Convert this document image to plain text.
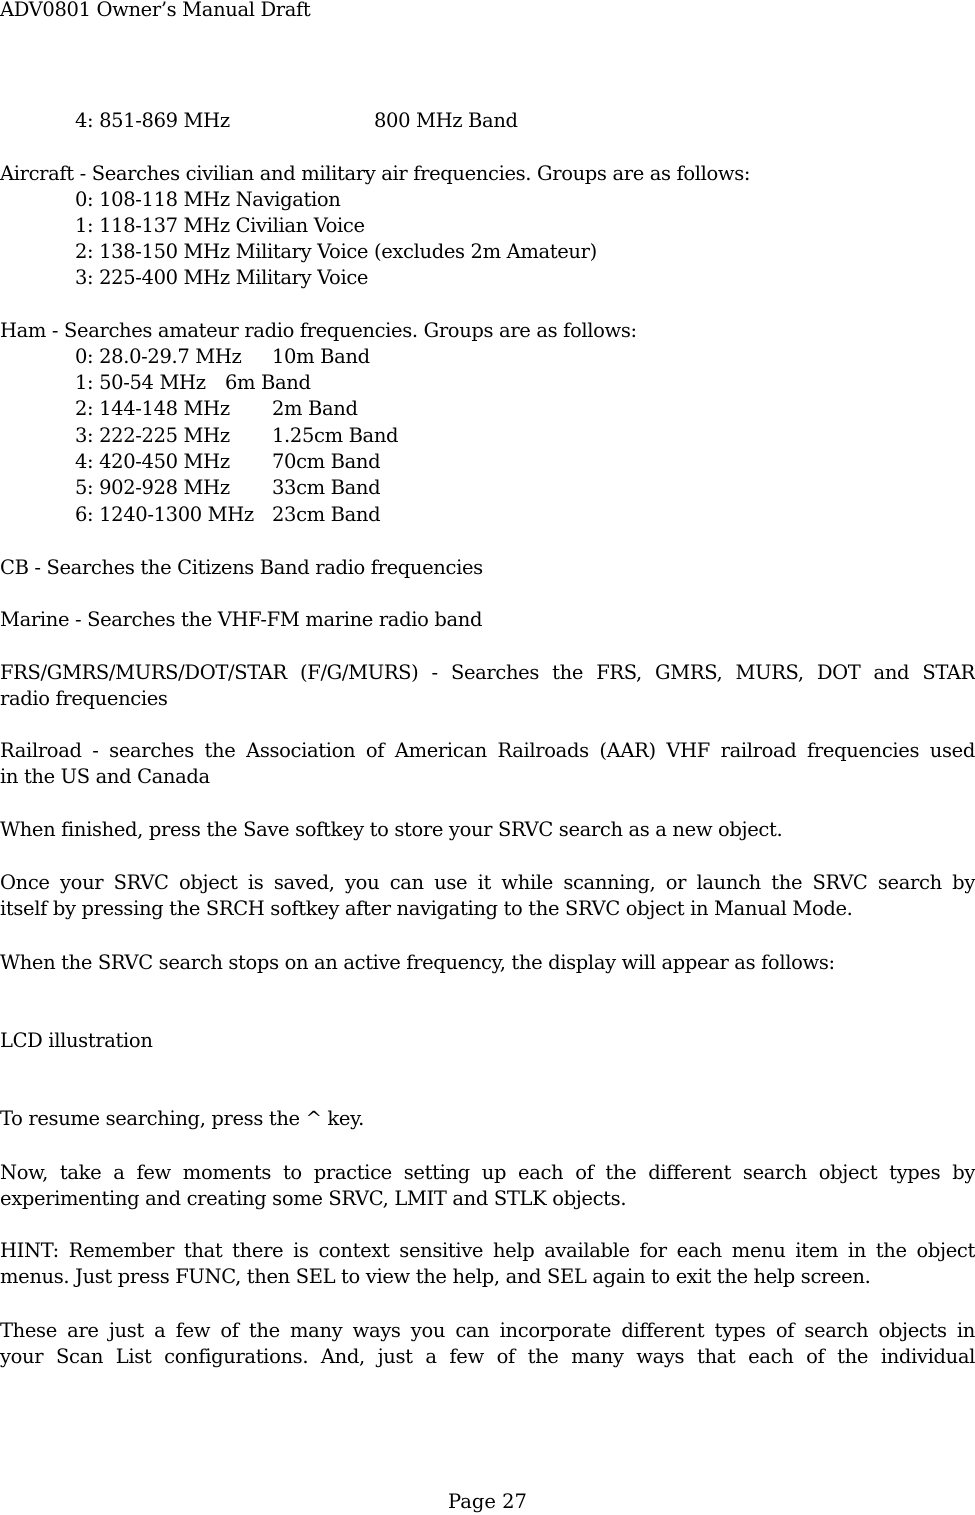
ADV0801 Owner’s Manual Draft

4: 851-869 MHz	800 MHz Band

Aircraft - Searches civilian and military air frequencies. Groups are as follows:

0: 108-118 MHz Navigation

1: 118-137 MHz Civilian Voice

2: 138-150 MHz Military Voice (excludes 2m Amateur)

3: 225-400 MHz Military Voice

Ham - Searches amateur radio frequencies. Groups are as follows:

0: 28.0-29.7 MHz 10m Band
1: 50-54 MHz 6m Band
2: 144-148 MHz 2m Band
3: 222-225 MHz 1.25cm Band
4: 420-450 MHz 70cm Band
5: 902-928 MHz 33cm Band
6: 1240-1300 MHz 23cm Band

CB - Searches the Citizens Band radio frequencies

Marine - Searches the VHF-FM marine radio band

FRS/GMRS/MURS/DOT/STAR (F/G/MURS) - Searches the FRS, GMRS, MURS, DOT and STAR

radio frequencies

Railroad - searches the Association of American Railroads (AAR) VHF railroad frequencies used

in the US and Canada

When finished, press the Save softkey to store your SRVC search as a new object.

Once your SRVC object is saved, you can use it while scanning, or launch the SRVC search by

itself by pressing the SRCH softkey after navigating to the SRVC object in Manual Mode.

When the SRVC search stops on an active frequency, the display will appear as follows:

LCD illustration

To resume searching, press the ^ key.

Now, take a few moments to practice setting up each of the different search object types by

experimenting and creating some SRVC, LMIT and STLK objects.

HINT: Remember that there is context sensitive help available for each menu item in the object

menus. Just press FUNC, then SEL to view the help, and SEL again to exit the help screen.

These are just a few of the many ways you can incorporate different types of search objects in

your Scan List configurations. And, just a few of the many ways that each of the individual

Page 27
